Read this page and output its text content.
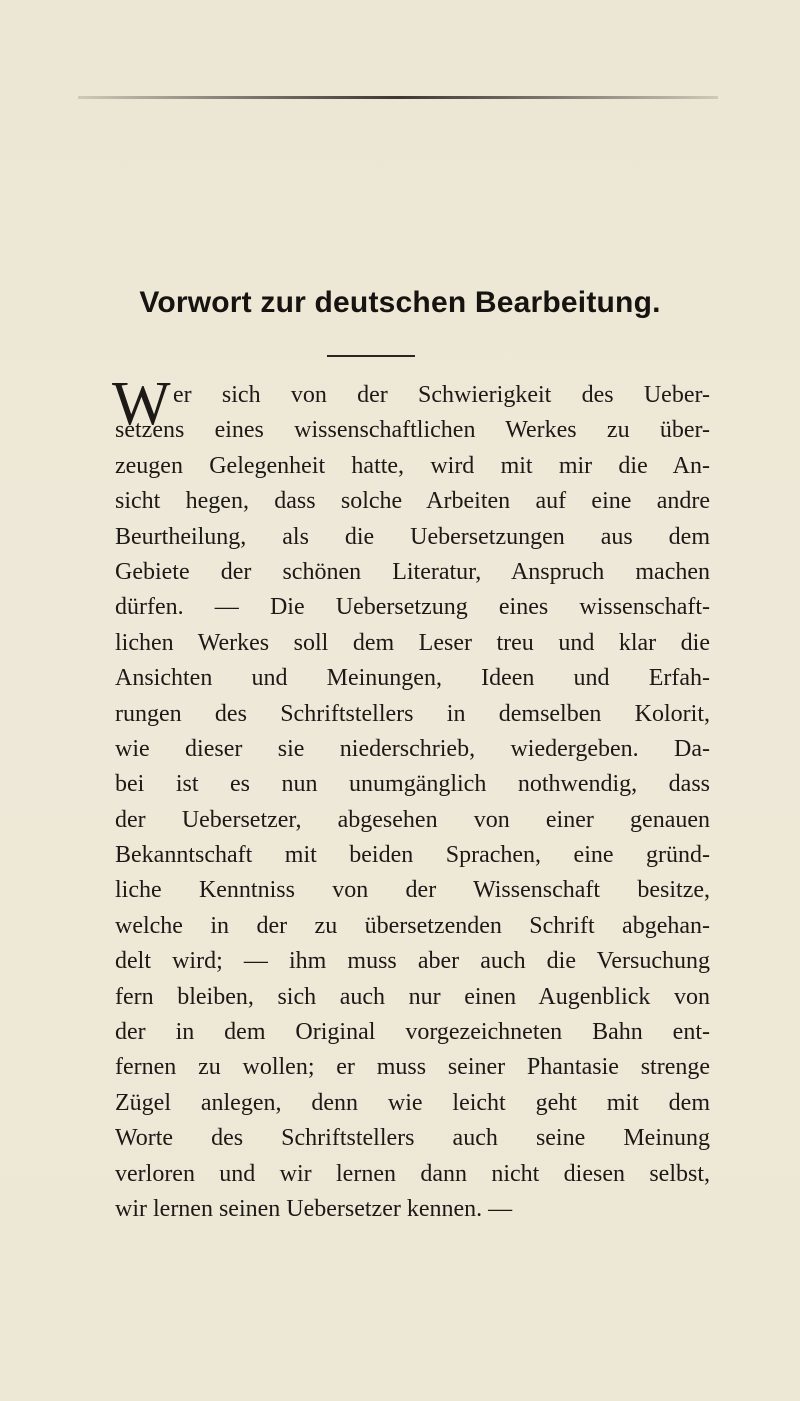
Vorwort zur deutschen Bearbeitung.
W er sich von der Schwierigkeit des Ueber-
setzens eines wissenschaftlichen Werkes zu über-
zeugen Gelegenheit hatte, wird mit mir die An-
sicht hegen, dass solche Arbeiten auf eine andre
Beurtheilung, als die Uebersetzungen aus dem
Gebiete der schönen Literatur, Anspruch machen
dürfen. — Die Uebersetzung eines wissenschaft-
lichen Werkes soll dem Leser treu und klar die
Ansichten und Meinungen, Ideen und Erfah-
rungen des Schriftstellers in demselben Kolorit,
wie dieser sie niederschrieb, wiedergeben. Da-
bei ist es nun unumgänglich nothwendig, dass
der Uebersetzer, abgesehen von einer genauen
Bekanntschaft mit beiden Sprachen, eine gründ-
liche Kenntniss von der Wissenschaft besitze,
welche in der zu übersetzenden Schrift abgehan-
delt wird; — ihm muss aber auch die Versuchung
fern bleiben, sich auch nur einen Augenblick von
der in dem Original vorgezeichneten Bahn ent-
fernen zu wollen; er muss seiner Phantasie strenge
Zügel anlegen, denn wie leicht geht mit dem
Worte des Schriftstellers auch seine Meinung
verloren und wir lernen dann nicht diesen selbst,
wir lernen seinen Uebersetzer kennen. —
